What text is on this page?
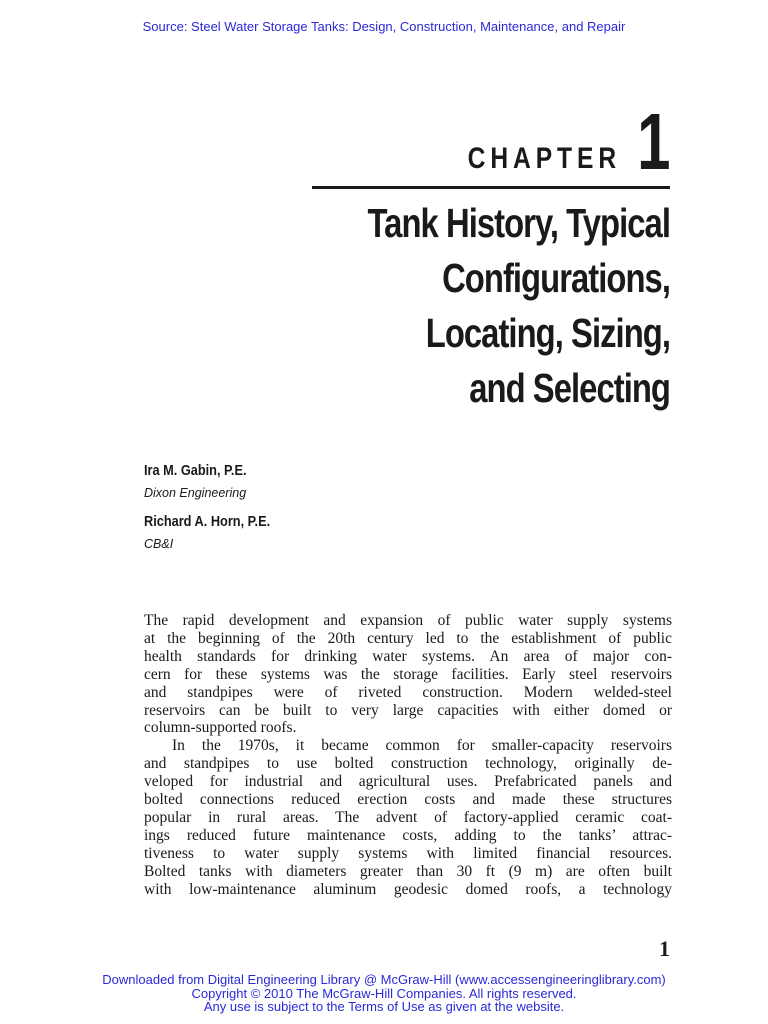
Source: Steel Water Storage Tanks: Design, Construction, Maintenance, and Repair
CHAPTER 1
Tank History, Typical
Configurations,
Locating, Sizing,
and Selecting
Ira M. Gabin, P.E.
Dixon Engineering
Richard A. Horn, P.E.
CB&I
The rapid development and expansion of public water supply systems
at the beginning of the 20th century led to the establishment of public
health standards for drinking water systems. An area of major con-
cern for these systems was the storage facilities. Early steel reservoirs
and standpipes were of riveted construction. Modern welded-steel
reservoirs can be built to very large capacities with either domed or
column-supported roofs.
In the 1970s, it became common for smaller-capacity reservoirs
and standpipes to use bolted construction technology, originally de-
veloped for industrial and agricultural uses. Prefabricated panels and
bolted connections reduced erection costs and made these structures
popular in rural areas. The advent of factory-applied ceramic coat-
ings reduced future maintenance costs, adding to the tanks’ attrac-
tiveness to water supply systems with limited financial resources.
Bolted tanks with diameters greater than 30 ft (9 m) are often built
with low-maintenance aluminum geodesic domed roofs, a technology
1
Downloaded from Digital Engineering Library @ McGraw-Hill (www.accessengineeringlibrary.com)
Copyright © 2010 The McGraw-Hill Companies. All rights reserved.
Any use is subject to the Terms of Use as given at the website.
